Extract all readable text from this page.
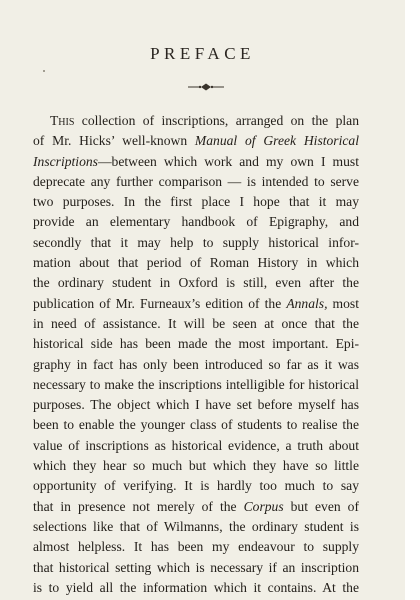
PREFACE
This collection of inscriptions, arranged on the plan
of Mr. Hicks’ well-known Manual of Greek Historical
Inscriptions—between which work and my own I must
deprecate any further comparison — is intended to serve
two purposes. In the first place I hope that it may
provide an elementary handbook of Epigraphy, and
secondly that it may help to supply historical infor-
mation about that period of Roman History in which
the ordinary student in Oxford is still, even after the
publication of Mr. Furneaux’s edition of the Annals, most
in need of assistance. It will be seen at once that the
historical side has been made the most important. Epi-
graphy in fact has only been introduced so far as it was
necessary to make the inscriptions intelligible for historical
purposes. The object which I have set before myself has
been to enable the younger class of students to realise the
value of inscriptions as historical evidence, a truth about
which they hear so much but which they have so little
opportunity of verifying. It is hardly too much to say
that in presence not merely of the Corpus but even of
selections like that of Wilmanns, the ordinary student is
almost helpless. It has been my endeavour to supply
that historical setting which is necessary if an inscription
is to yield all the information which it contains. At the
